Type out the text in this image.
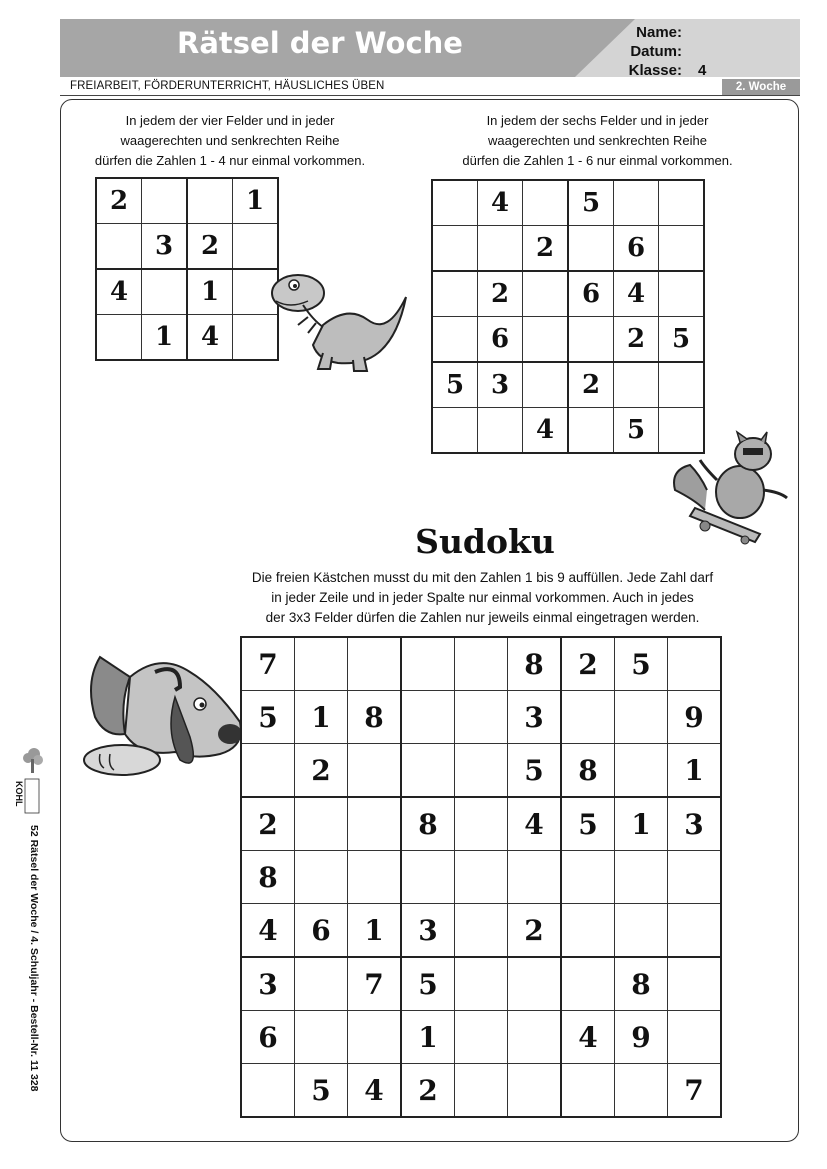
Rätsel der Woche	Name:
Datum:
Klasse: 4
FREIARBEIT, FÖRDERUNTERRICHT, HÄUSLICHES ÜBEN	2. Woche
KOHL
52 Rätsel der Woche / 4. Schuljahr - Bestell-Nr. 11 328
In jedem der vier Felder und in jeder
waagerechten und senkrechten Reihe
dürfen die Zahlen 1 - 4 nur einmal vorkommen.
In jedem der sechs Felder und in jeder
waagerechten und senkrechten Reihe
dürfen die Zahlen 1 - 6 nur einmal vorkommen.
2			1
	3	2	
4		1	
	1	4	
	4		5		
		2		6	
	2		6	4	
	6			2	5
5	3		2		
		4		5	
Sudoku
Die freien Kästchen musst du mit den Zahlen 1 bis 9 auffüllen. Jede Zahl darf
in jeder Zeile und in jeder Spalte nur einmal vorkommen. Auch in jedes
der 3x3 Felder dürfen die Zahlen nur jeweils einmal eingetragen werden.
7					8	2	5	
5	1	8			3			9
	2				5	8		1
2			8		4	5	1	3
8								
4	6	1	3		2			
3		7	5				8	
6			1			4	9	
	5	4	2					7
